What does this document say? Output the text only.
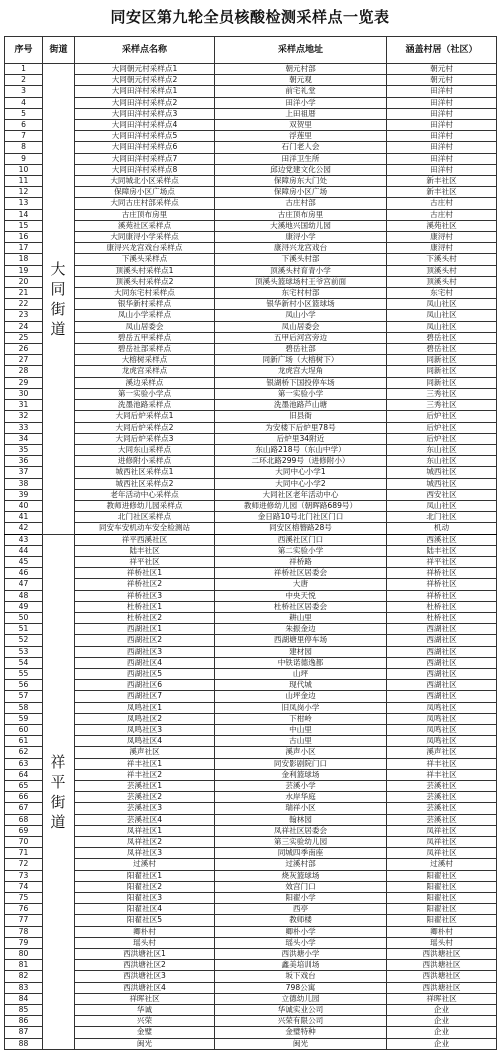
同安区第九轮全员核酸检测采样点一览表
序号	街道	采样点名称	采样点地址	涵盖村居（社区）
1	大同街道	大同朝元村采样点1	朝元村部	朝元村
2		大同朝元村采样点2	朝元观	朝元村
3		大同田洋村采样点1	前宅礼堂	田洋村
4		大同田洋村采样点2	田洋小学	田洋村
5		大同田洋村采样点3	上田祖厝	田洋村
6		大同田洋村采样点4	双贺里	田洋村
7		大同田洋村采样点5	浮莲里	田洋村
8		大同田洋村采样点6	石门老人会	田洋村
9		大同田洋村采样点7	田洋卫生所	田洋村
10		大同田洋村采样点8	邱边党建文化公园	田洋村
11		大同城北小区采样点	保障房东大门处	新丰社区
12		保障房小区广场点	保障房小区广场	新丰社区
13		大同古庄村部采样点	古庄村部	古庄村
14		古庄顶布房里	古庄顶布房里	古庄村
15		溪苑社区采样点	大溪地兴国幼儿园	溪苑社区
16		大同康浔小学采样点	康浔小学	康浔村
17		康浔兴龙宫戏台采样点	康浔兴龙宫戏台	康浔村
18		下溪头采样点	下溪头村部	下溪头村
19		顶溪头村采样点1	顶溪头村育青小学	顶溪头村
20		顶溪头村采样点2	顶溪头篮球场村王爷宫前面	顶溪头村
21		大同东宅村采样点	东宅村村部	东宅村
22		银华新村采样点	银华新村小区篮球场	凤山社区
23		凤山小学采样点	凤山小学	凤山社区
24		凤山居委会	凤山居委会	凤山社区
25		碧岳五甲采样点	五甲后河宫旁边	碧岳社区
26		碧岳社部采样点	碧岳社部	碧岳社区
27		大榕树采样点	同新广场（大榕树下）	同新社区
28		龙虎宫采样点	龙虎宫大埕角	同新社区
29		溪边采样点	银湖桥下国投停车场	同新社区
30		第一实验小学点	第一实验小学	三秀社区
31		洗墨池路采样点	洗墨池路芦山塘	三秀社区
32		大同后炉采样点1	旧县衙	后炉社区
33		大同后炉采样点2	为安楼下后炉里78号	后炉社区
34		大同后炉采样点3	后炉里34附近	后炉社区
35		大同东山采样点	东山路218号（东山中学）	东山社区
36		进修附小采样点	二环北路299号（进修附小）	东山社区
37		城西社区采样点1	大同中心小学1	城西社区
38		城西社区采样点2	大同中心小学2	城西社区
39		老年活动中心采样点	大同社区老年活动中心	西安社区
40		教师进修幼儿园采样点	教师进修幼儿园（朝晖路689号）	凤山社区
41		北门社区采样点	金日路10号北门社区门口	北门社区
42		同安车安机动车安全检测站	同安区榕簪路28号	机动
43	祥平街道	祥平西溪社区	西溪社区门口	西溪社区
44		陆丰社区	第二实验小学	陆丰社区
45		祥平社区	祥桥路	祥平社区
46		祥桥社区1	祥桥社区居委会	祥桥社区
47		祥桥社区2	大唐	祥桥社区
48		祥桥社区3	中央天悦	祥桥社区
49		杜桥社区1	杜桥社区居委会	杜桥社区
50		杜桥社区2	耕山里	杜桥社区
51		西湖社区1	朱振金边	西湖社区
52		西湖社区2	西湖塘里停车场	西湖社区
53		西湖社区3	建材园	西湖社区
54		西湖社区4	中铁诺德逸都	西湖社区
55		西湖社区5	山坪	西湖社区
56		西湖社区6	现代城	西湖社区
57		西湖社区7	山坪金边	西湖社区
58		凤鸣社区1	旧凤岗小学	凤鸣社区
59		凤鸣社区2	下柑岭	凤鸣社区
60		凤鸣社区3	中山里	凤鸣社区
61		凤鸣社区4	古山里	凤鸣社区
62		溪声社区	溪声小区	溪声社区
63		祥丰社区1	同安影剧院门口	祥丰社区
64		祥丰社区2	金利篮球场	祥丰社区
65		芸溪社区1	芸溪小学	芸溪社区
66		芸溪社区2	水岸华庭	芸溪社区
67		芸溪社区3	瑞祥小区	芸溪社区
68		芸溪社区4	翰林园	芸溪社区
69		凤祥社区1	凤祥社区居委会	凤祥社区
70		凤祥社区2	第三实验幼儿园	凤祥社区
71		凤祥社区3	同城四季南座	凤祥社区
72		过溪村	过溪村部	过溪村
73		阳翟社区1	烧灰篮球场	阳翟社区
74		阳翟社区2	效宫门口	阳翟社区
75		阳翟社区3	阳翟小学	阳翟社区
76		阳翟社区4	西亭	阳翟社区
77		阳翟社区5	教师楼	阳翟社区
78		卿朴村	卿朴小学	卿朴村
79		瑶头村	瑶头小学	瑶头村
80		西洪塘社区1	西洪塘小学	西洪塘社区
81		西洪塘社区2	鑫美培训场	西洪塘社区
82		西洪塘社区3	坂下戏台	西洪塘社区
83		西洪塘社区4	798公寓	西洪塘社区
84		祥晖社区	立德幼儿园	祥晖社区
85		华诚	华诚实业公司	企业
86		兴荣	兴荣有限公司	企业
87		金璧	金璧特种	企业
88		闽光	闽光	企业
